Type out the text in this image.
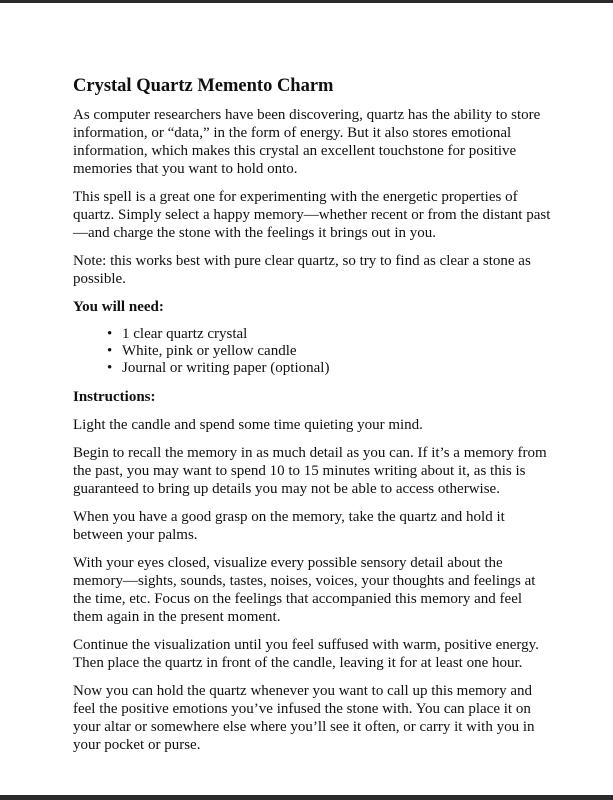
Crystal Quartz Memento Charm

As computer researchers have been discovering, quartz has the ability to store information, or “data,” in the form of energy. But it also stores emotional information, which makes this crystal an excellent touchstone for positive memories that you want to hold onto.

This spell is a great one for experimenting with the energetic properties of quartz. Simply select a happy memory—whether recent or from the distant past—and charge the stone with the feelings it brings out in you.

Note: this works best with pure clear quartz, so try to find as clear a stone as possible.

You will need:

• 1 clear quartz crystal
• White, pink or yellow candle
• Journal or writing paper (optional)

Instructions:

Light the candle and spend some time quieting your mind.

Begin to recall the memory in as much detail as you can. If it’s a memory from the past, you may want to spend 10 to 15 minutes writing about it, as this is guaranteed to bring up details you may not be able to access otherwise.

When you have a good grasp on the memory, take the quartz and hold it between your palms.

With your eyes closed, visualize every possible sensory detail about the memory—sights, sounds, tastes, noises, voices, your thoughts and feelings at the time, etc. Focus on the feelings that accompanied this memory and feel them again in the present moment.

Continue the visualization until you feel suffused with warm, positive energy. Then place the quartz in front of the candle, leaving it for at least one hour.

Now you can hold the quartz whenever you want to call up this memory and feel the positive emotions you’ve infused the stone with. You can place it on your altar or somewhere else where you’ll see it often, or carry it with you in your pocket or purse.
